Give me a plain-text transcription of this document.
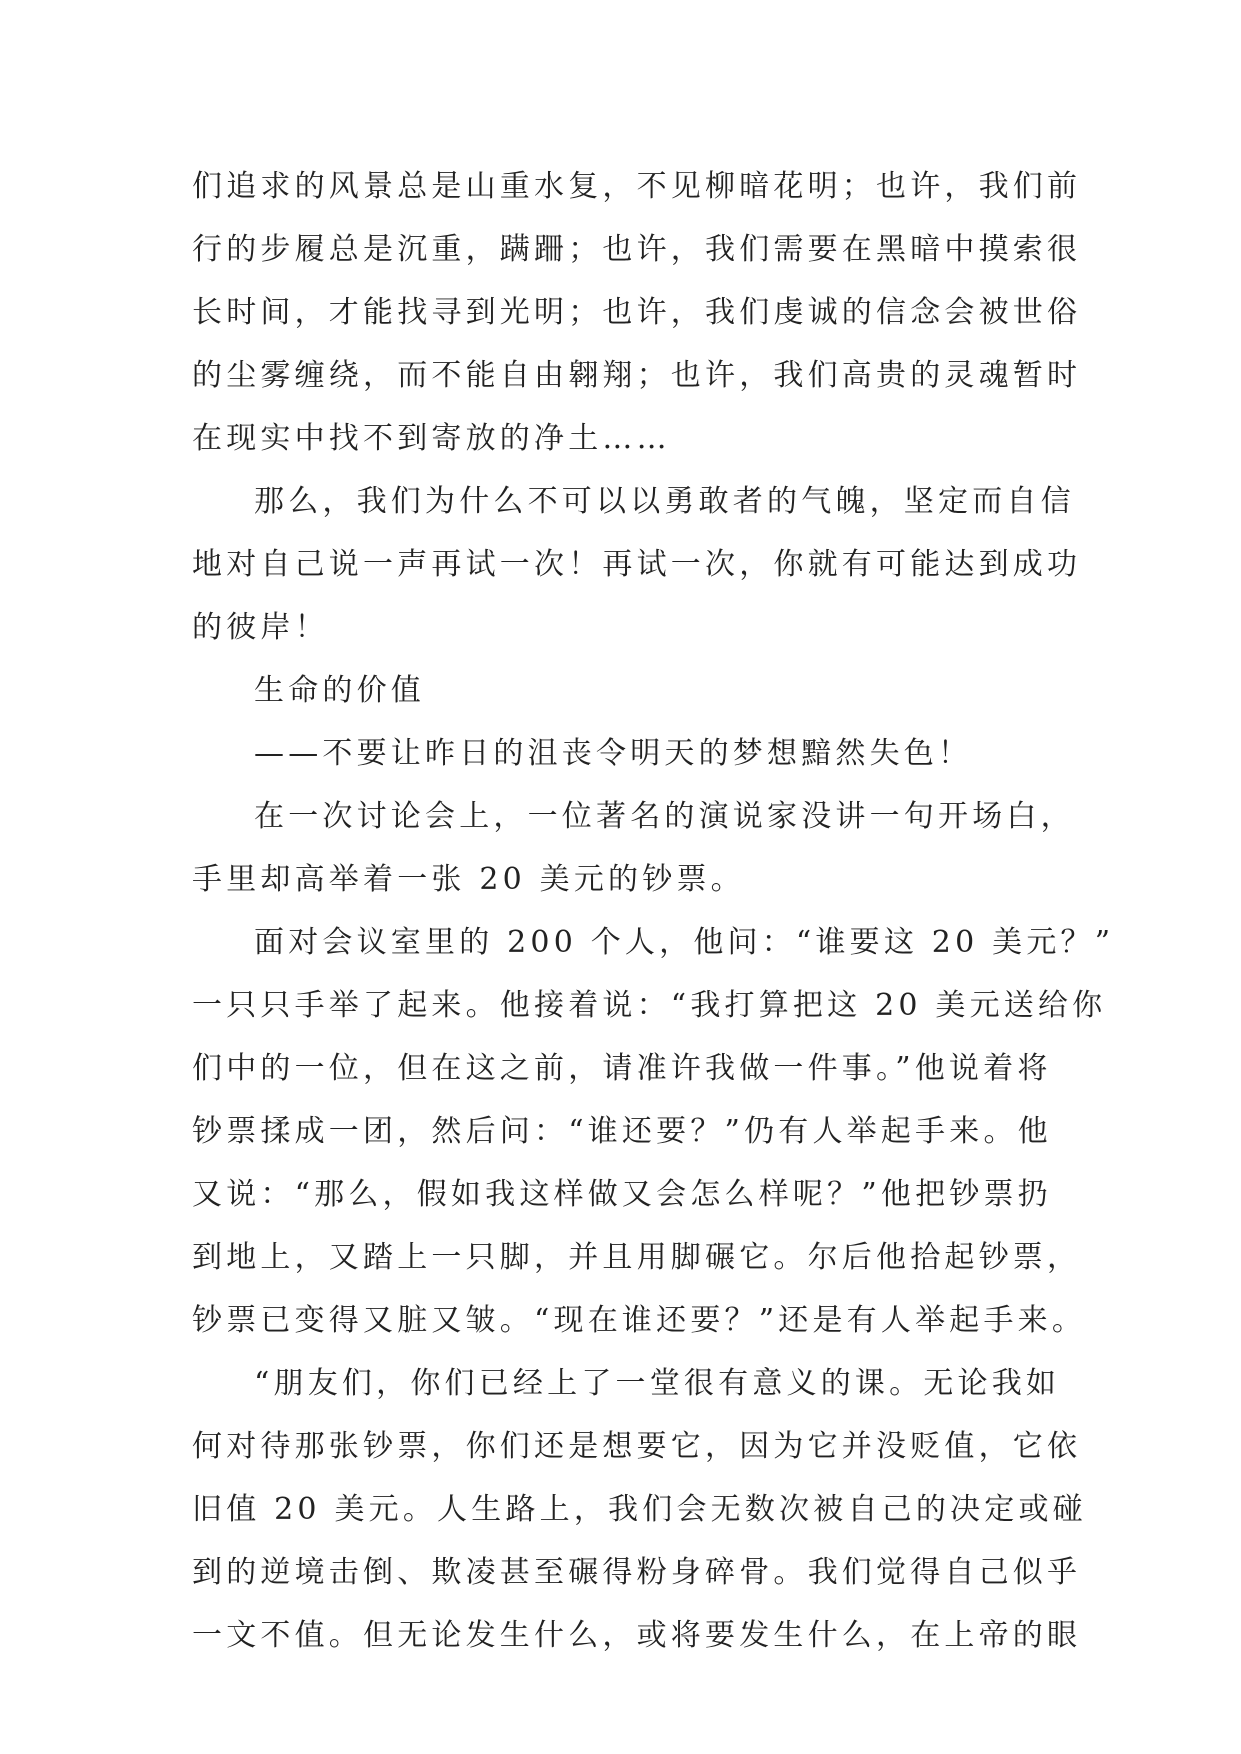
们追求的风景总是山重水复，不见柳暗花明；也许，我们前
行的步履总是沉重，蹒跚；也许，我们需要在黑暗中摸索很
长时间，才能找寻到光明；也许，我们虔诚的信念会被世俗
的尘雾缠绕，而不能自由翱翔；也许，我们高贵的灵魂暂时
在现实中找不到寄放的净土……
那么，我们为什么不可以以勇敢者的气魄，坚定而自信
地对自己说一声再试一次！再试一次，你就有可能达到成功
的彼岸！
生命的价值
——不要让昨日的沮丧令明天的梦想黯然失色！
在一次讨论会上，一位著名的演说家没讲一句开场白，
手里却高举着一张 20 美元的钞票。
面对会议室里的 200 个人，他问：“谁要这 20 美元？”
一只只手举了起来。他接着说：“我打算把这 20 美元送给你
们中的一位，但在这之前，请准许我做一件事。”他说着将
钞票揉成一团，然后问：“谁还要？”仍有人举起手来。他
又说：“那么，假如我这样做又会怎么样呢？”他把钞票扔
到地上，又踏上一只脚，并且用脚碾它。尔后他拾起钞票，
钞票已变得又脏又皱。“现在谁还要？”还是有人举起手来。
“朋友们，你们已经上了一堂很有意义的课。无论我如
何对待那张钞票，你们还是想要它，因为它并没贬值，它依
旧值 20 美元。人生路上，我们会无数次被自己的决定或碰
到的逆境击倒、欺凌甚至碾得粉身碎骨。我们觉得自己似乎
一文不值。但无论发生什么，或将要发生什么，在上帝的眼
